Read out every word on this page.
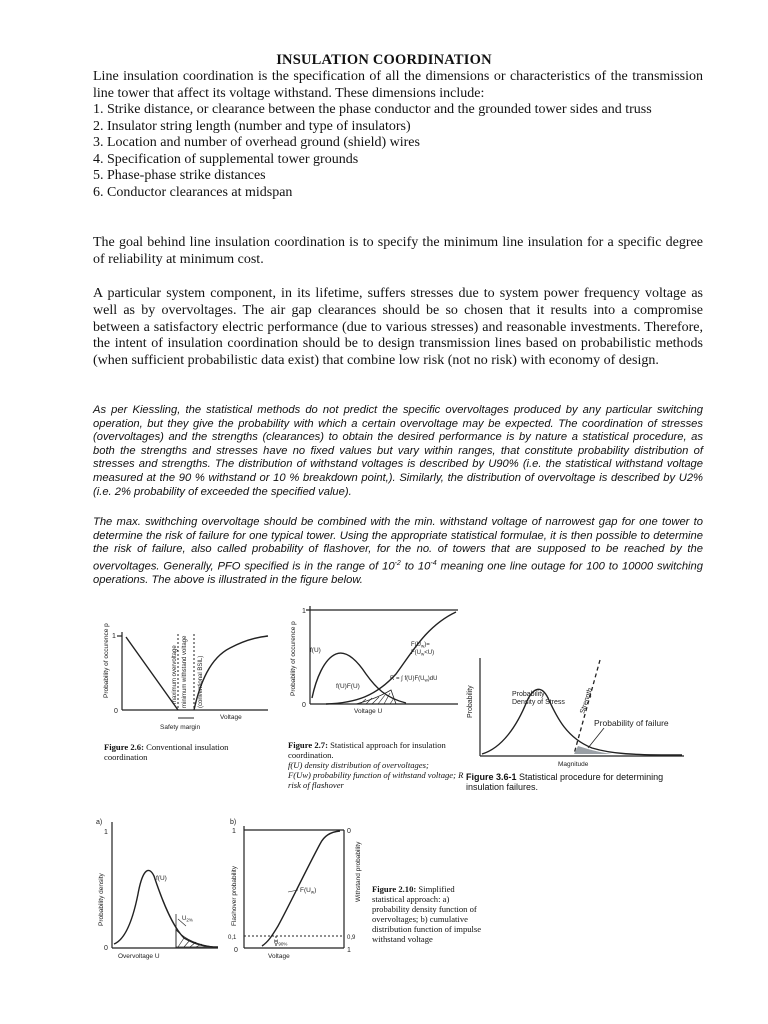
INSULATION COORDINATION
Line insulation coordination is the specification of all the dimensions or characteristics of the transmission line tower that affect its voltage withstand. These dimensions include:
1. Strike distance, or clearance between the phase conductor and the grounded tower sides and truss
2. Insulator string length (number and type of insulators)
3. Location and number of overhead ground (shield) wires
4. Specification of supplemental tower grounds
5. Phase-phase strike distances
6. Conductor clearances at midspan
The goal behind line insulation coordination is to specify the minimum line insulation for a specific degree of reliability at minimum cost.
A particular system component, in its lifetime, suffers stresses due to system power frequency voltage as well as by overvoltages. The air gap clearances should be so chosen that it results into a compromise between a satisfactory electric performance (due to various stresses) and reasonable investments. Therefore, the intent of insulation coordination should be to design transmission lines based on probabilistic methods (when sufficient probabilistic data exist) that combine low risk (not no risk) with economy of design.
As per Kiessling, the statistical methods do not predict the specific overvoltages produced by any particular switching operation, but they give the probability with which a certain overvoltage may be expected. The coordination of stresses (overvoltages) and the strengths (clearances) to obtain the desired performance is by nature a statistical procedure, as both the strengths and stresses have no fixed values but vary within ranges, that constitute probability distribution of stresses and strengths. The distribution of withstand voltages is described by U90% (i.e. the statistical withstand voltage measured at the 90 % withstand or 10 % breakdown point,). Similarly, the distribution of overvoltage is described by U2% (i.e. 2% probability of exceeded the specified value).
The max. swithching overvoltage should be combined with the min. withstand voltage of narrowest gap for one tower to determine the risk of failure for one typical tower. Using the appropriate statistical formulae, it is then possible to determine the risk of failure, also called probability of flashover, for the no. of towers that are supposed to be reached by the overvoltages. Generally, PFO specified is in the range of $10^{-2}$ to $10^{-4}$ meaning one line outage for 100 to 10000 switching operations. The above is illustrated in the figure below.
Probability of occurence p 1
0
maximum overvoltage minimum withstand voltage (conventional BSIL)
Voltage
Safety margin
Figure 2.6: Conventional insulation coordination
Probability of occurence p
1
0
f(U)
f(U)F(U)
$F(U_w)=$
$F(U_w<U)$
R = ∫ $f(U)F(U_w)dU$
Voltage U
Figure 2.7: Statistical approach for insulation coordination.
f(U) density distribution of overvoltages;
F(Uw) probability function of withstand voltage; R risk of flashover
Probability	Probability
Density of Stress Strength
Probability of failure
Magnitude
Figure 3.6-1 Statistical procedure for determining insulation failures.
a)
1
0
Probability density	f(U)
$U_{2\%}$
Overvoltage U
b)
1
0,1
0
Flashover probability
0
0,9
1
Withstand probability
$F(U_w)$
$U_{90\%}$
Voltage
Figure 2.10: Simplified statistical approach: a) probability density function of overvoltages; b) cumulative distribution function of impulse withstand voltage
